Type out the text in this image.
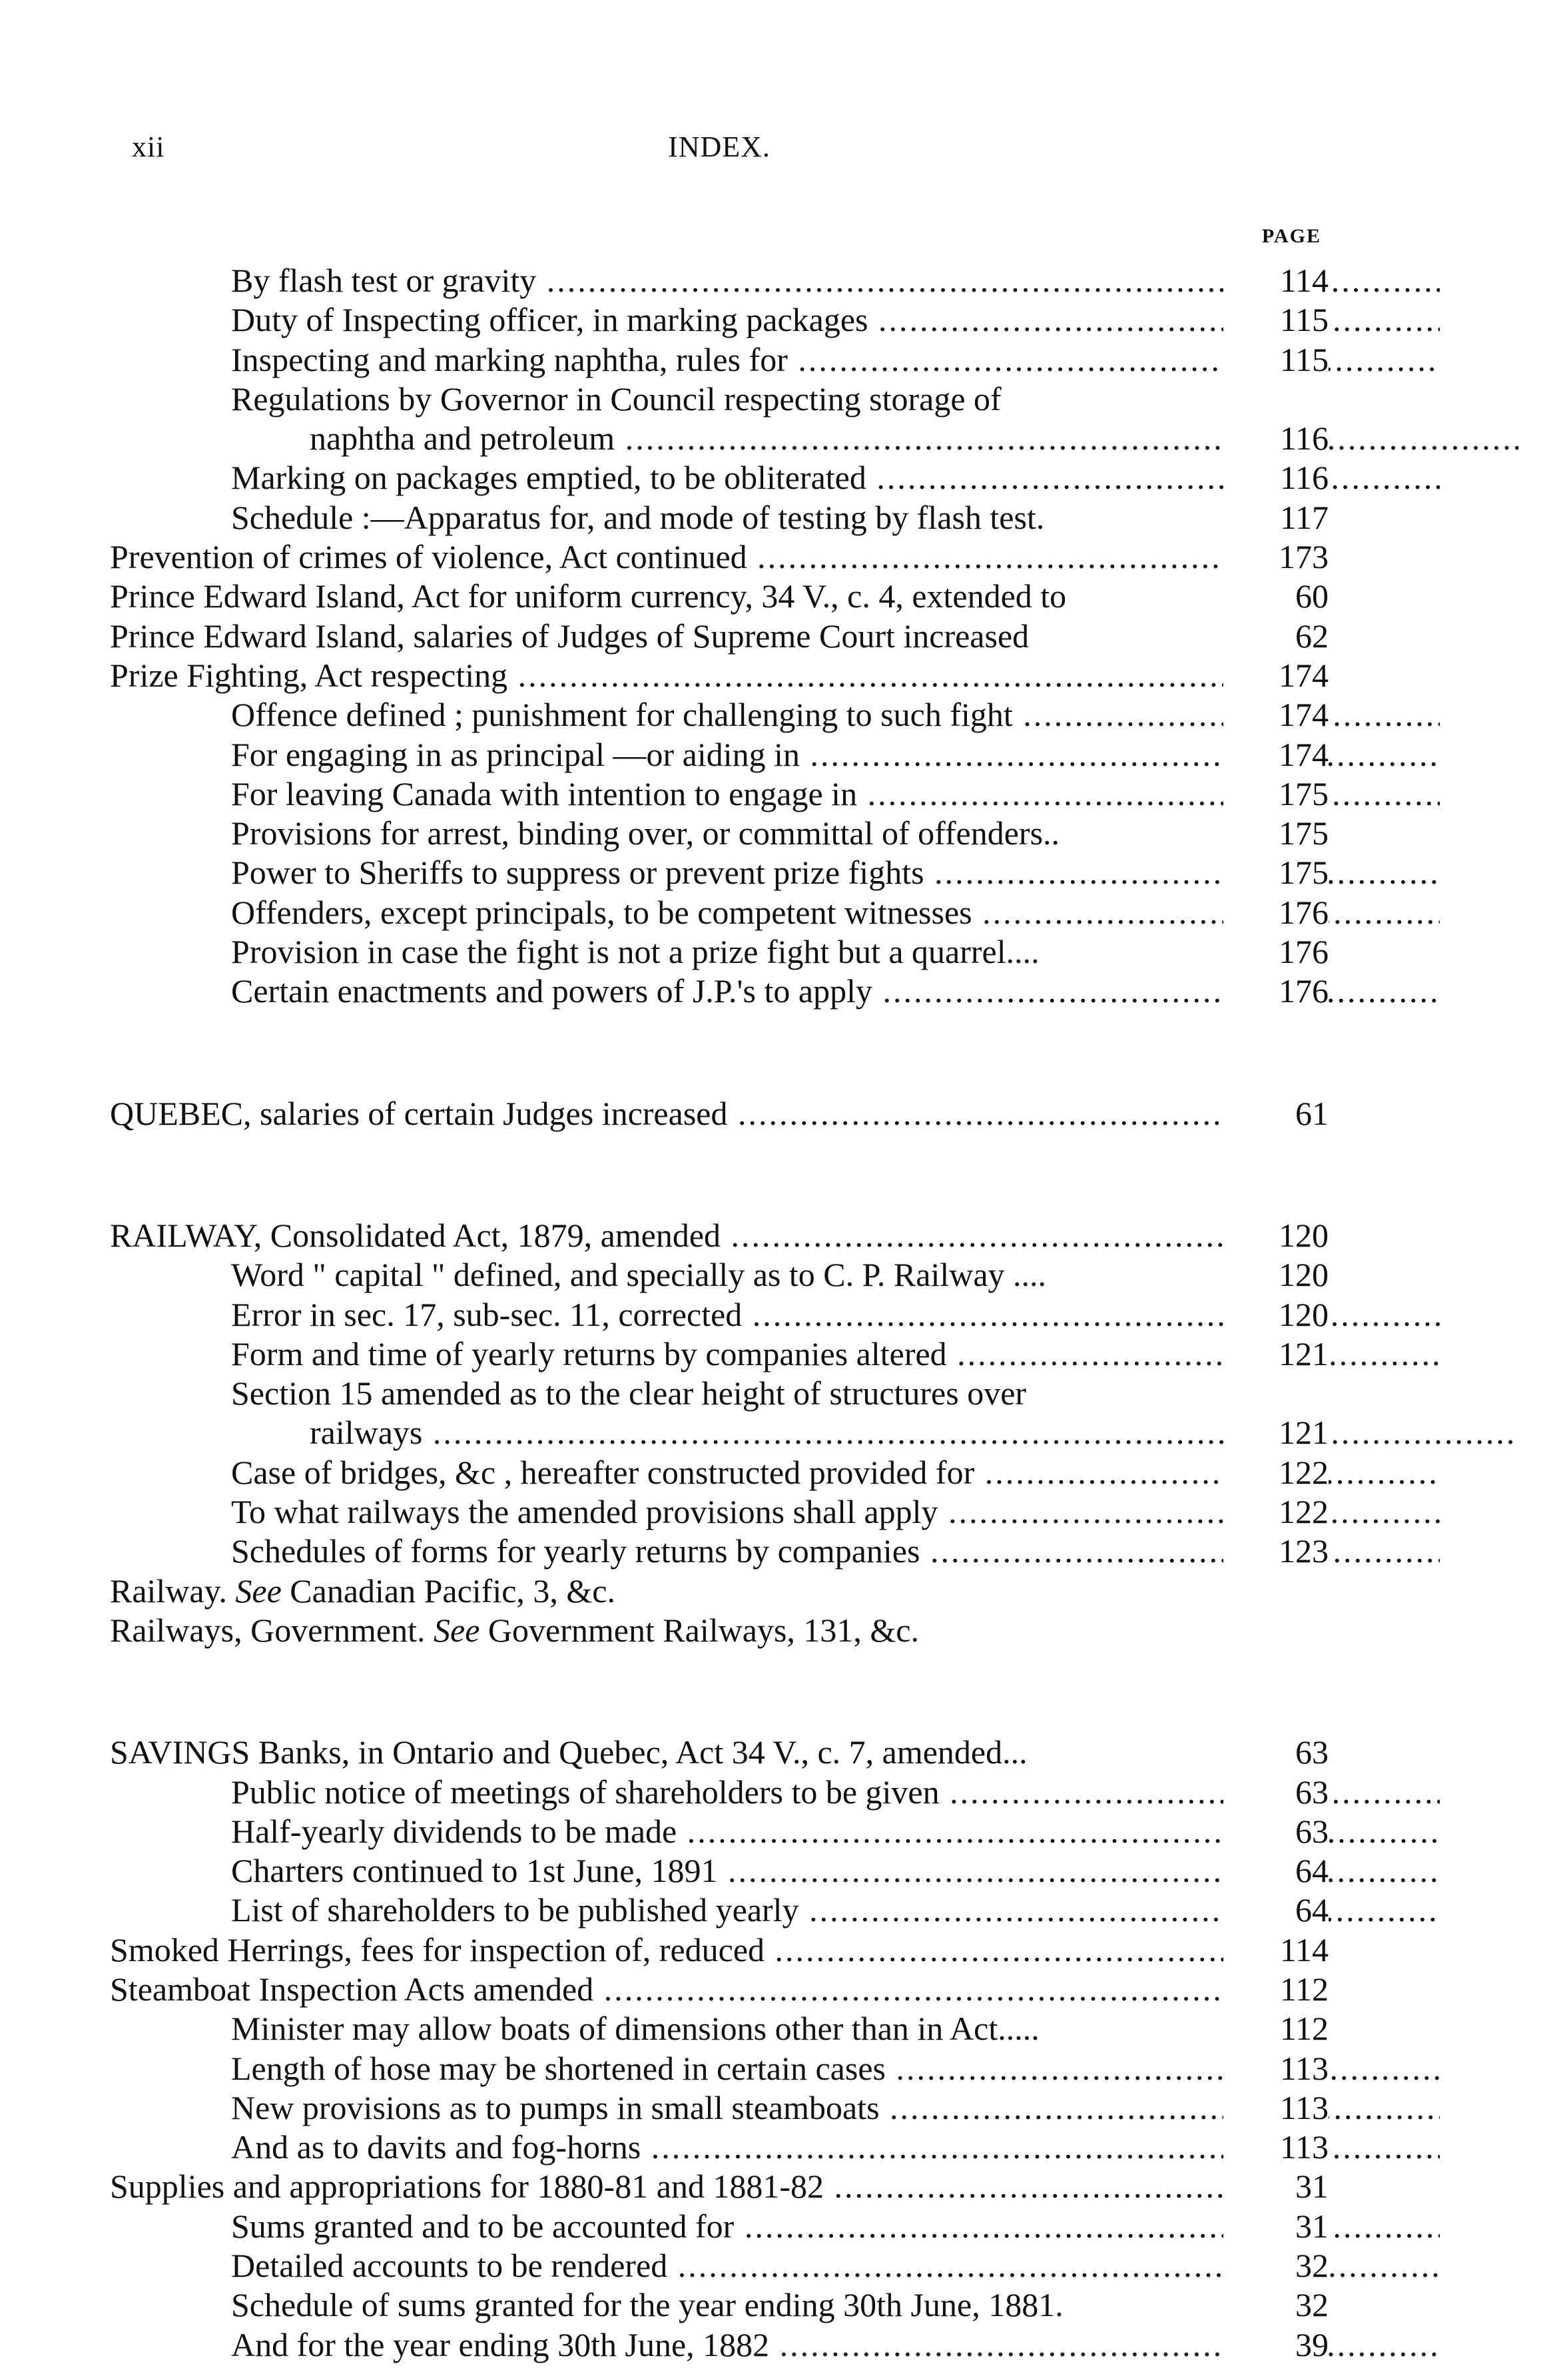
xii	INDEX.
PAGE
By flash test or gravity .....	114
Duty of Inspecting officer, in marking packages .....	115
Inspecting and marking naphtha, rules for .....	115
Regulations by Governor in Council respecting storage of
naphtha and petroleum .....	116
Marking on packages emptied, to be obliterated .....	116
Schedule :—Apparatus for, and mode of testing by flash test.	117
Prevention of crimes of violence, Act continued .....	173
Prince Edward Island, Act for uniform currency, 34 V., c. 4, extended to	60
Prince Edward Island, salaries of Judges of Supreme Court increased	62
Prize Fighting, Act respecting .....	174
Offence defined ; punishment for challenging to such fight .....	174
For engaging in as principal —or aiding in .....	174
For leaving Canada with intention to engage in .....	175
Provisions for arrest, binding over, or committal of offenders..	175
Power to Sheriffs to suppress or prevent prize fights .....	175
Offenders, except principals, to be competent witnesses .....	176
Provision in case the fight is not a prize fight but a quarrel....	176
Certain enactments and powers of J.P.'s to apply .....	176
QUEBEC, salaries of certain Judges increased .....	61
RAILWAY, Consolidated Act, 1879, amended .....	120
Word " capital " defined, and specially as to C. P. Railway ....	120
Error in sec. 17, sub-sec. 11, corrected .....	120
Form and time of yearly returns by companies altered .....	121
Section 15 amended as to the clear height of structures over
railways .....	121
Case of bridges, &c , hereafter constructed provided for .....	122
To what railways the amended provisions shall apply .....	122
Schedules of forms for yearly returns by companies .....	123
Railway. See Canadian Pacific, 3, &c.
Railways, Government. See Government Railways, 131, &c.
SAVINGS Banks, in Ontario and Quebec, Act 34 V., c. 7, amended...	63
Public notice of meetings of shareholders to be given .....	63
Half-yearly dividends to be made .....	63
Charters continued to 1st June, 1891 .....	64
List of shareholders to be published yearly .....	64
Smoked Herrings, fees for inspection of, reduced .....	114
Steamboat Inspection Acts amended .....	112
Minister may allow boats of dimensions other than in Act.....	112
Length of hose may be shortened in certain cases .....	113
New provisions as to pumps in small steamboats .....	113
And as to davits and fog-horns .....	113
Supplies and appropriations for 1880-81 and 1881-82 .....	31
Sums granted and to be accounted for .....	31
Detailed accounts to be rendered .....	32
Schedule of sums granted for the year ending 30th June, 1881.	32
And for the year ending 30th June, 1882 .....	39
